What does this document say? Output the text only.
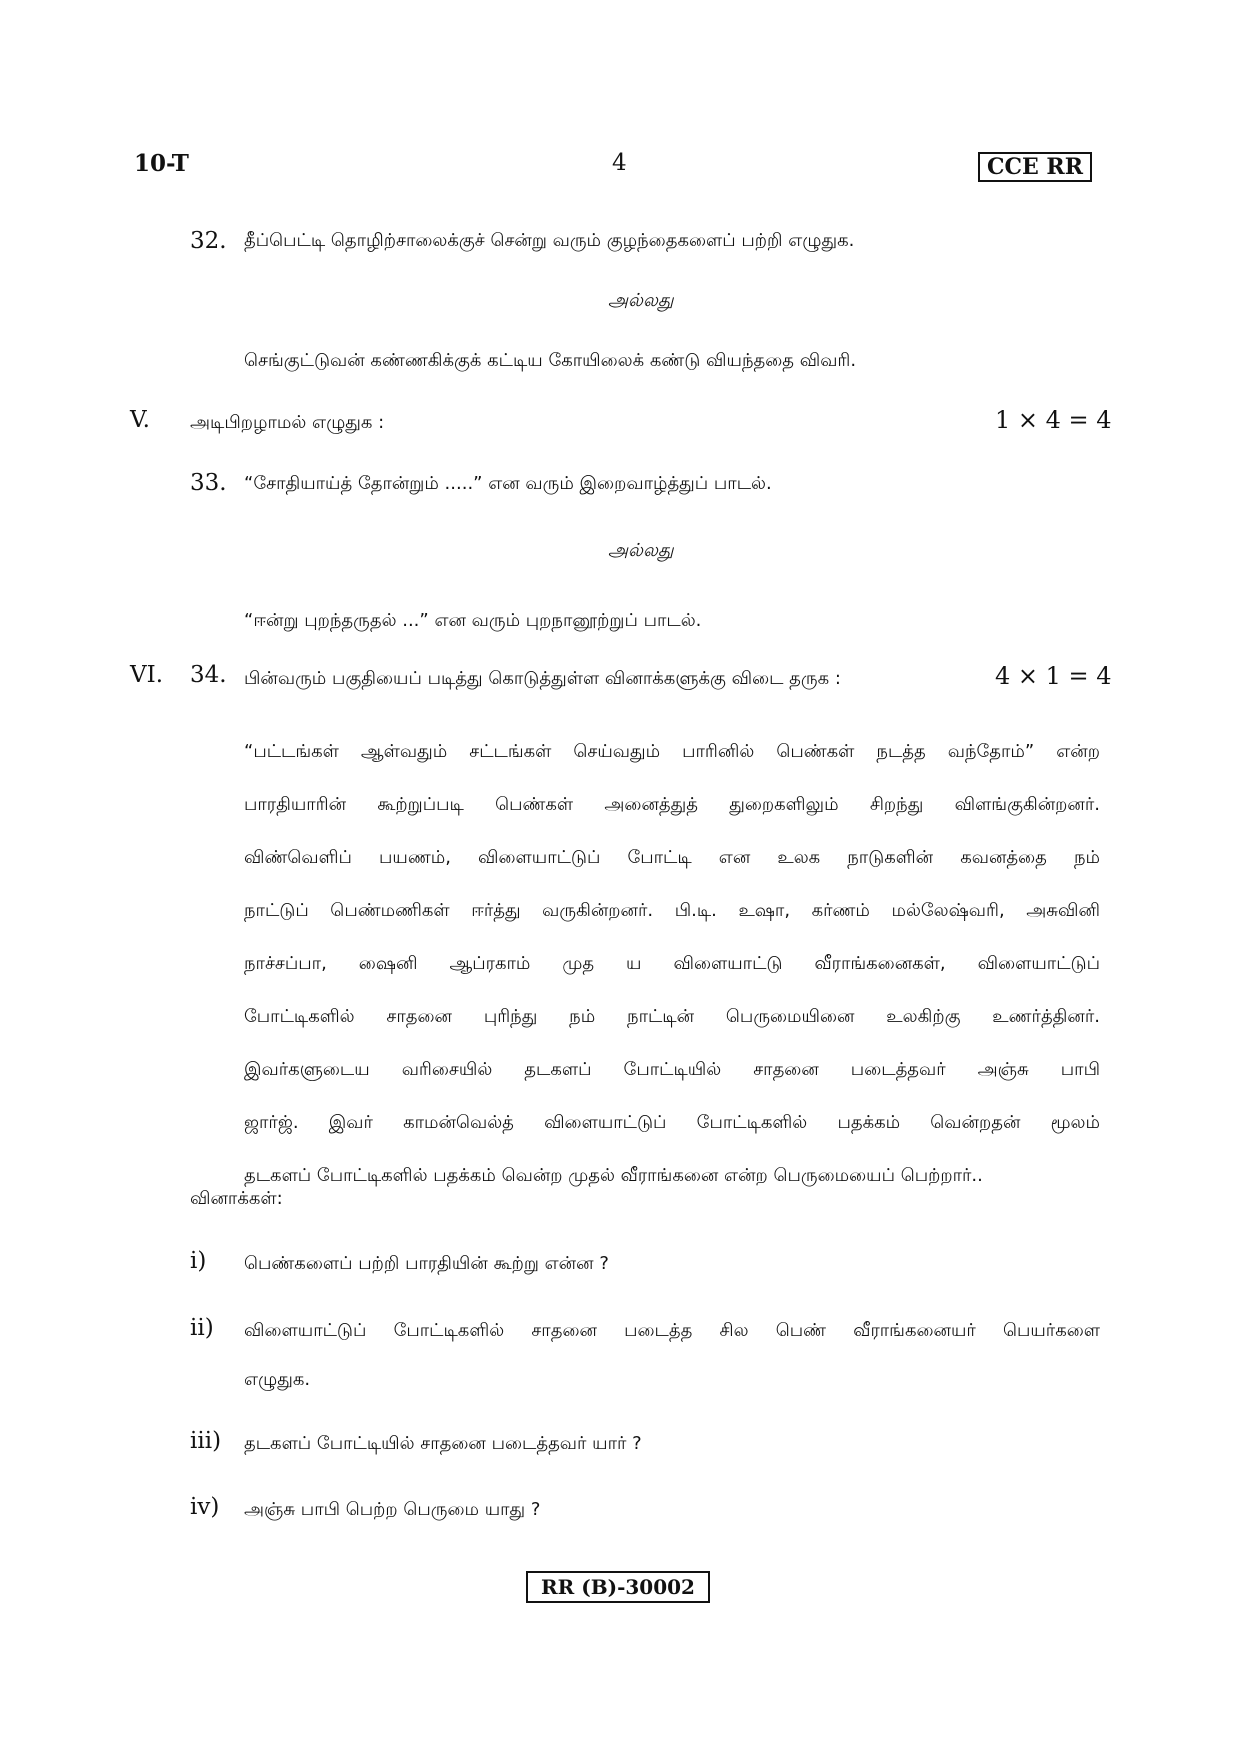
10-T	4	CCE RR
32. தீப்பெட்டி தொழிற்சாலைக்குச் சென்று வரும் குழந்தைகளைப் பற்றி எழுதுக.
அல்லது
செங்குட்டுவன் கண்ணகிக்குக் கட்டிய கோயிலைக் கண்டு வியந்ததை விவரி.
V. அடிபிறழாமல் எழுதுக :	1 × 4 = 4
33. “சோதியாய்த் தோன்றும் .....” என வரும் இறைவாழ்த்துப் பாடல்.
அல்லது
“ஈன்று புறந்தருதல் ...” என வரும் புறநானூற்றுப் பாடல்.
VI. 34. பின்வரும் பகுதியைப் படித்து கொடுத்துள்ள வினாக்களுக்கு விடை தருக :	4 × 1 = 4
“பட்டங்கள் ஆள்வதும் சட்டங்கள் செய்வதும் பாரினில் பெண்கள் நடத்த வந்தோம்” என்ற
பாரதியாரின் கூற்றுப்படி பெண்கள் அனைத்துத் துறைகளிலும் சிறந்து விளங்குகின்றனர்.
விண்வெளிப் பயணம், விளையாட்டுப் போட்டி என உலக நாடுகளின் கவனத்தை நம்
நாட்டுப் பெண்மணிகள் ஈர்த்து வருகின்றனர். பி.டி. உஷா, கர்ணம் மல்லேஷ்வரி, அசுவினி
நாச்சப்பா, ஷைனி ஆப்ரகாம் முத ய விளையாட்டு வீராங்கனைகள், விளையாட்டுப்
போட்டிகளில் சாதனை புரிந்து நம் நாட்டின் பெருமையினை உலகிற்கு உணர்த்தினர்.
இவர்களுடைய வரிசையில் தடகளப் போட்டியில் சாதனை படைத்தவர் அஞ்சு பாபி
ஜார்ஜ். இவர் காமன்வெல்த் விளையாட்டுப் போட்டிகளில் பதக்கம் வென்றதன் மூலம்
தடகளப் போட்டிகளில் பதக்கம் வென்ற முதல் வீராங்கனை என்ற பெருமையைப் பெற்றார்..
வினாக்கள்:
i) பெண்களைப் பற்றி பாரதியின் கூற்று என்ன ?
ii) விளையாட்டுப் போட்டிகளில் சாதனை படைத்த சில பெண் வீராங்கனையர் பெயர்களை
எழுதுக.
iii) தடகளப் போட்டியில் சாதனை படைத்தவர் யார் ?
iv) அஞ்சு பாபி பெற்ற பெருமை யாது ?
RR (B)-30002
